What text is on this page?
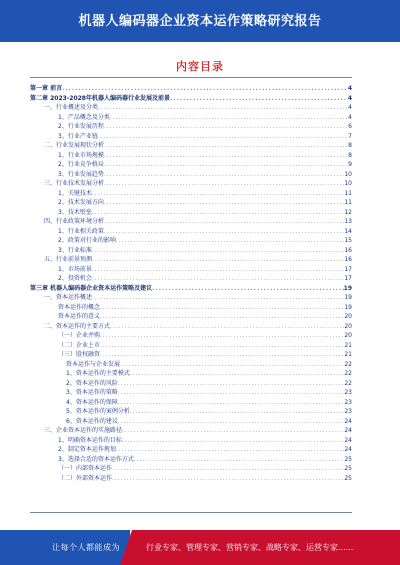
机器人编码器企业资本运作策略研究报告
内容目录
第一章 前言 .....	4
第二章 2023-2028年机器人编码器行业发展及前景 .....	4
一、行业概述及分类 .....	4
1、产品概念及分类 .....	4
2、行业发展历程 .....	6
3、行业产业链 .....	7
二、行业发展现状分析 .....	8
1、行业市场规模 .....	8
2、行业竞争格局 .....	9
3、行业发展趋势 .....	10
三、行业技术发展分析 .....	10
1、关键技术 .....	11
2、技术发展方向 .....	11
3、技术壁垒 .....	12
四、行业政策环境分析 .....	13
1、行业相关政策 .....	14
2、政策对行业的影响 .....	15
3、行业标准 .....	16
五、行业前景预测 .....	16
1、市场前景 .....	17
2、投资机会 .....	17
第三章 机器人编码器企业资本运作策略及建议 .....	19
一、资本运作概述 .....	19
资本运作的概念 .....	19
资本运作的意义 .....	20
二、资本运作的主要方式 .....	20
（一）企业并购 .....	20
（二）企业上市 .....	21
（三）股权融资 .....	21
资本运作与企业发展 .....	22
1、资本运作的主要模式 .....	22
2、资本运作的风险 .....	22
3、资本运作的策略 .....	23
4、资本运作的保障 .....	23
5、资本运作的案例分析 .....	23
6、资本运作的建议 .....	24
三、企业资本运作的实施路径 .....	24
1、明确资本运作的目标 .....	24
2、制定资本运作规划 .....	24
3、选择合适的资本运作方式 .....	25
（一）内部资本运作 .....	25
（二）外部资本运作 .....	25
让每个人都能成为	行业专家、管理专家、营销专家、战略专家、运营专家......
